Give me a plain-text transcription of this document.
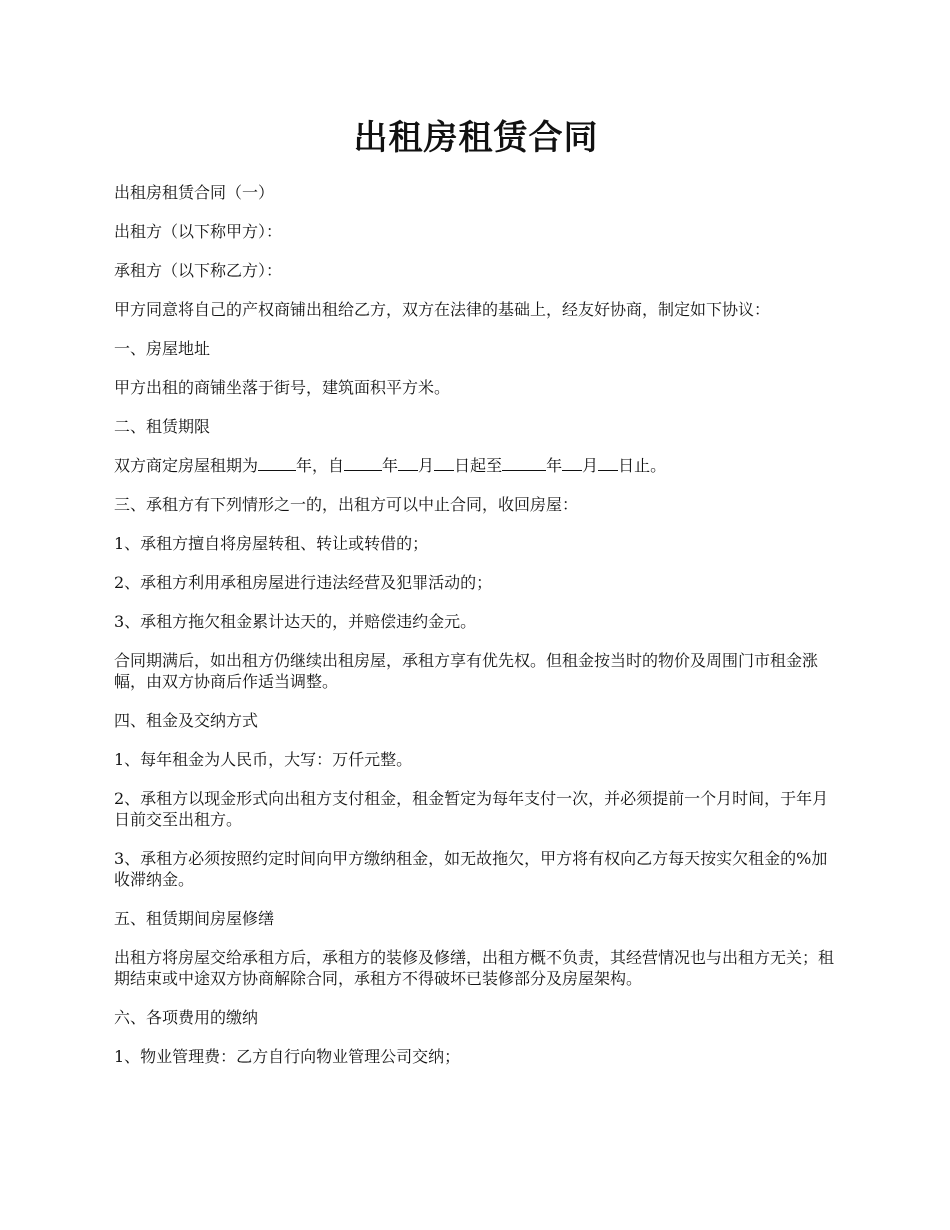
出租房租赁合同

出租房租赁合同（一）

出租方（以下称甲方）：

承租方（以下称乙方）：

甲方同意将自己的产权商铺出租给乙方，双方在法律的基础上，经友好协商，制定如下协议：

一、房屋地址

甲方出租的商铺坐落于街号，建筑面积平方米。

二、租赁期限

双方商定房屋租期为 年，自 年 月 日起至	年 月 日止。

三、承租方有下列情形之一的，出租方可以中止合同，收回房屋：

1、承租方擅自将房屋转租、转让或转借的；

2、承租方利用承租房屋进行违法经营及犯罪活动的；

3、承租方拖欠租金累计达天的，并赔偿违约金元。

合同期满后，如出租方仍继续出租房屋，承租方享有优先权。但租金按当时的物价及周围门市租金涨幅，由双方协商后作适当调整。

四、租金及交纳方式

1、每年租金为人民币，大写：万仟元整。

2、承租方以现金形式向出租方支付租金，租金暂定为每年支付一次，并必须提前一个月时间，于年月日前交至出租方。

3、承租方必须按照约定时间向甲方缴纳租金，如无故拖欠，甲方将有权向乙方每天按实欠租金的%加收滞纳金。

五、租赁期间房屋修缮

出租方将房屋交给承租方后，承租方的装修及修缮，出租方概不负责，其经营情况也与出租方无关；租期结束或中途双方协商解除合同，承租方不得破坏已装修部分及房屋架构。

六、各项费用的缴纳

1、物业管理费：乙方自行向物业管理公司交纳；
